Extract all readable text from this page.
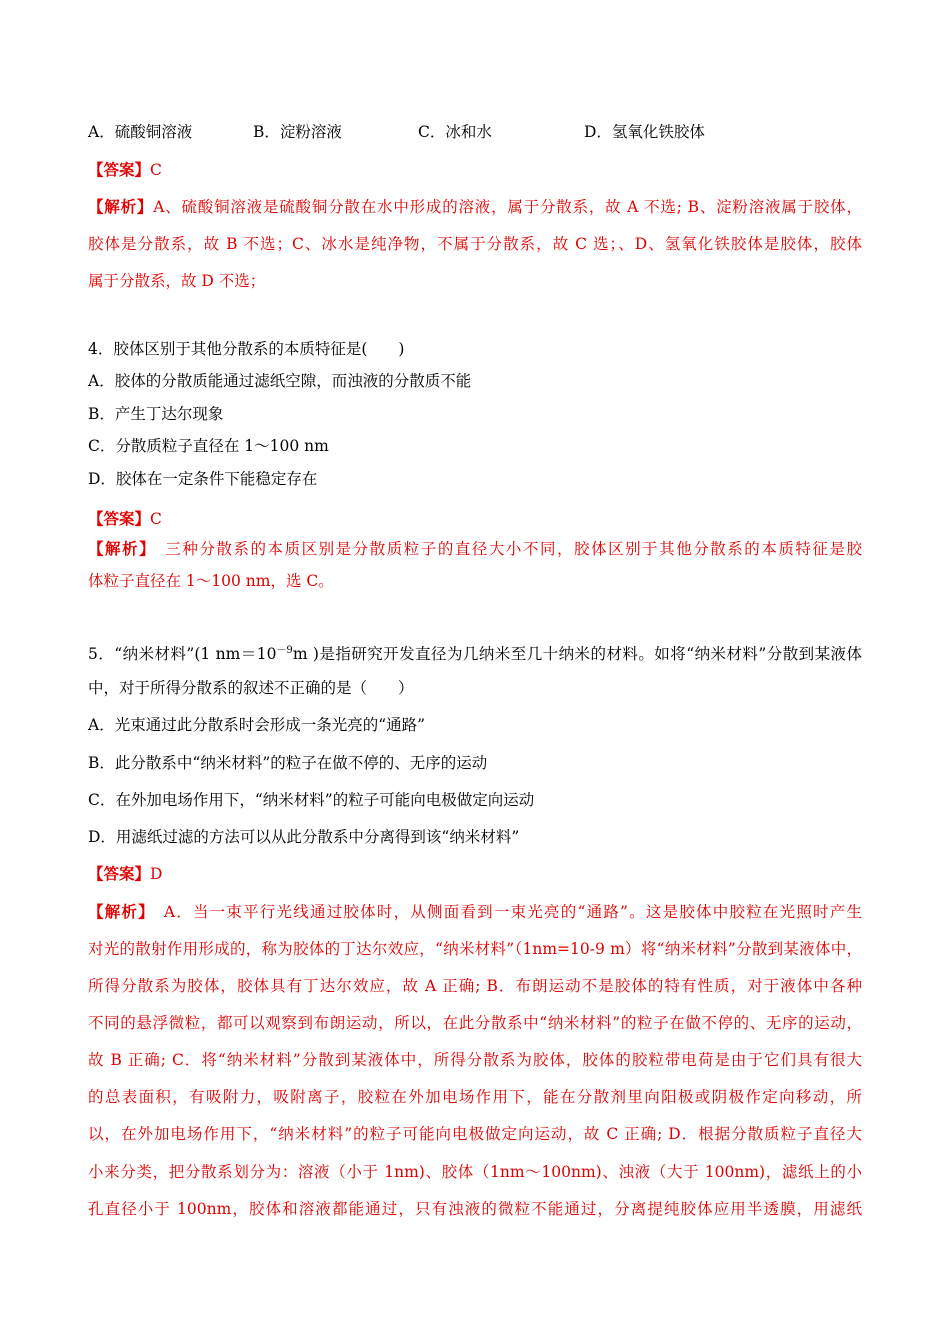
A．硫酸铜溶液	B．淀粉溶液	C．冰和水	D．氢氧化铁胶体
【答案】C
【解析】A、硫酸铜溶液是硫酸铜分散在水中形成的溶液，属于分散系，故 A 不选; B、淀粉溶液属于胶体，
胶体是分散系，故 B 不选；C、冰水是纯净物，不属于分散系，故 C 选；、D、氢氧化铁胶体是胶体，胶体
属于分散系，故 D 不选；
4．胶体区别于其他分散系的本质特征是(　　)
A．胶体的分散质能通过滤纸空隙，而浊液的分散质不能
B．产生丁达尔现象
C．分散质粒子直径在 1～100 nm
D．胶体在一定条件下能稳定存在
【答案】C
【解析】　三种分散系的本质区别是分散质粒子的直径大小不同，胶体区别于其他分散系的本质特征是胶
体粒子直径在 1～100 nm，选 C。
5．“纳米材料”(1 $nm=10^{-9}m$ )是指研究开发直径为几纳米至几十纳米的材料。如将“纳米材料”分散到某液体
中，对于所得分散系的叙述不正确的是（　　）
A．光束通过此分散系时会形成一条光亮的“通路”
B．此分散系中“纳米材料”的粒子在做不停的、无序的运动
C．在外加电场作用下，“纳米材料”的粒子可能向电极做定向运动
D．用滤纸过滤的方法可以从此分散系中分离得到该“纳米材料”
【答案】D
【解析】　A．当一束平行光线通过胶体时，从侧面看到一束光亮的“通路”。这是胶体中胶粒在光照时产生
对光的散射作用形成的，称为胶体的丁达尔效应，“纳米材料”（1nm=10-9 m）将“纳米材料”分散到某液体中，
所得分散系为胶体，胶体具有丁达尔效应，故 A 正确; B．布朗运动不是胶体的特有性质，对于液体中各种
不同的悬浮微粒，都可以观察到布朗运动，所以，在此分散系中“纳米材料”的粒子在做不停的、无序的运动，
故 B 正确; C．将“纳米材料”分散到某液体中，所得分散系为胶体，胶体的胶粒带电荷是由于它们具有很大
的总表面积，有吸附力，吸附离子，胶粒在外加电场作用下，能在分散剂里向阳极或阴极作定向移动，所
以，在外加电场作用下，“纳米材料”的粒子可能向电极做定向运动，故 C 正确; D．根据分散质粒子直径大
小来分类，把分散系划分为：溶液（小于 1nm)、胶体（1nm～100nm)、浊液（大于 100nm)，滤纸上的小
孔直径小于 100nm，胶体和溶液都能通过，只有浊液的微粒不能通过，分离提纯胶体应用半透膜，用滤纸
